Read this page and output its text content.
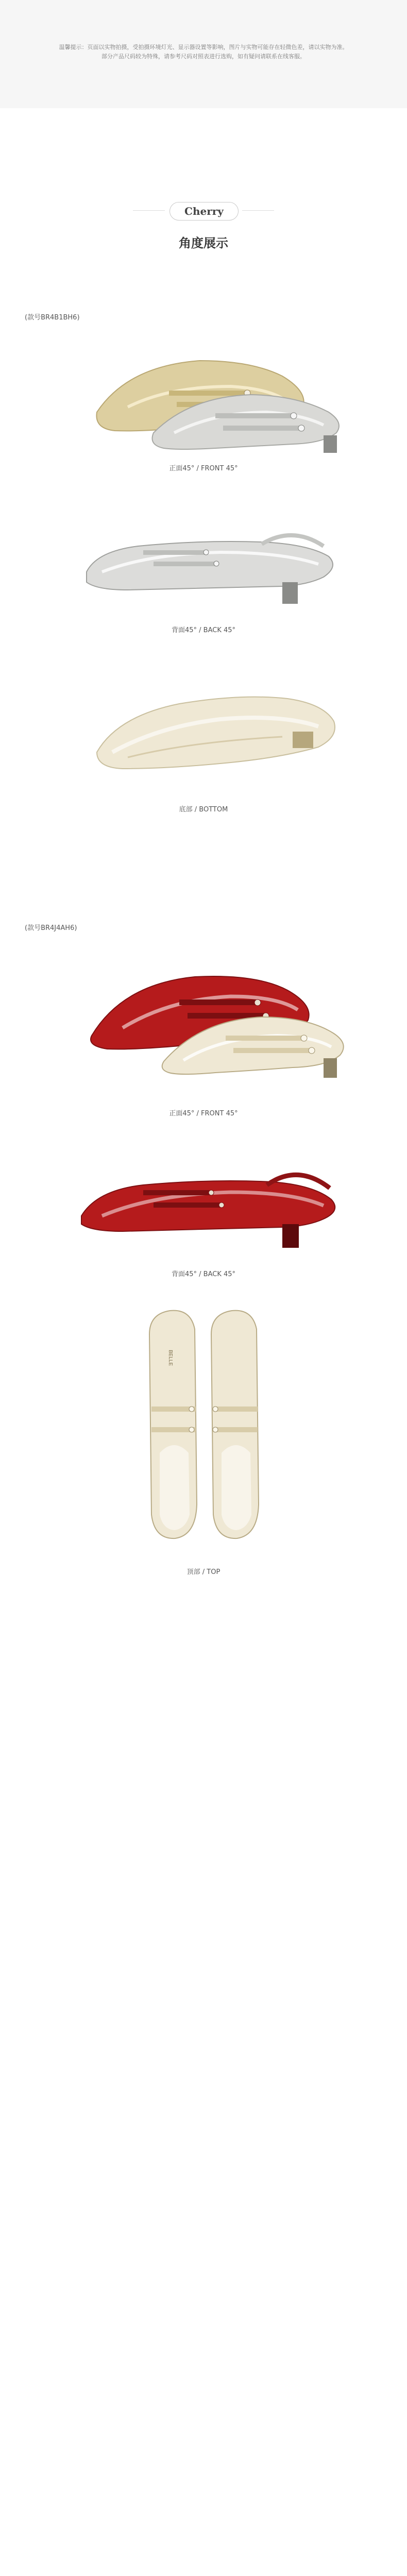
温馨提示：页面以实物拍摄，受拍摄环境灯光、显示器设置等影响，图片与实物可能存在轻微色差，请以实物为准。

部分产品尺码较为特殊，请参考尺码对照表进行选购，如有疑问请联系在线客服。

Cherry
角度展示
(款号BR4B1BH6)
正面45° / FRONT 45°
背面45° / BACK 45°
底部 / BOTTOM
(款号BR4J4AH6)
正面45° / FRONT 45°
背面45° / BACK 45°
BELLE
顶部 / TOP
